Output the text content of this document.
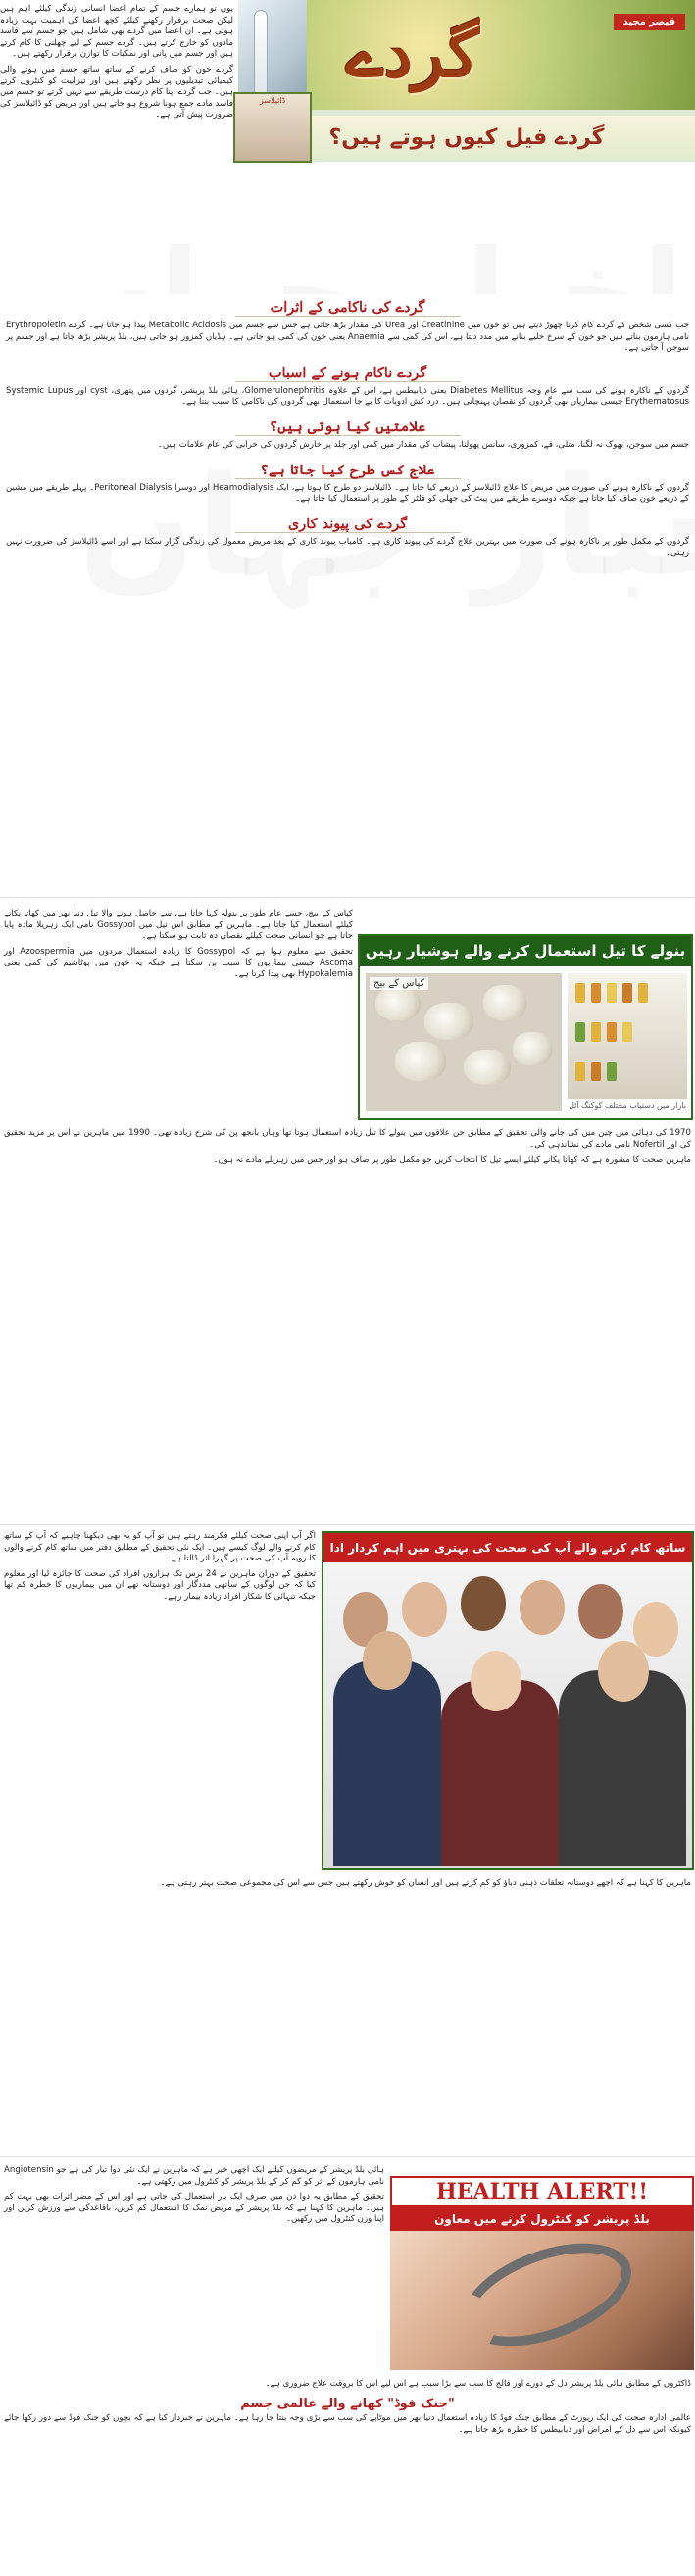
یوں تو ہمارے جسم کے تمام اعضا انسانی زندگی کیلئے اہم ہیں لیکن صحت برقرار رکھنے کیلئے کچھ اعضا کی اہمیت بہت زیادہ ہوتی ہے۔ ان اعضا میں گردے بھی شامل ہیں جو جسم سے فاسد مادوں کو خارج کرتے ہیں۔ گردے جسم کے لیے چھلنی کا کام کرتے ہیں اور جسم میں پانی اور نمکیات کا توازن برقرار رکھتے ہیں۔

گردے خون کو صاف کرنے کے ساتھ ساتھ جسم میں ہونے والی کیمیائی تبدیلیوں پر نظر رکھتے ہیں اور تیزابیت کو کنٹرول کرتے ہیں۔ جب گردے اپنا کام درست طریقے سے نہیں کرتے تو جسم میں فاسد مادے جمع ہونا شروع ہو جاتے ہیں اور مریض کو ڈائیلاسز کی ضرورت پیش آتی ہے۔

گردے	قیصر مجید
گردے فیل کیوں ہوتے ہیں؟
ڈائیلاسز
گردے کی ناکامی کے اثرات

جب کسی شخص کے گردے کام کرنا چھوڑ دیتے ہیں تو خون میں Creatinine اور Urea کی مقدار بڑھ جاتی ہے جس سے جسم میں Metabolic Acidosis پیدا ہو جاتا ہے۔ گردے Erythropoietin نامی ہارمون بناتے ہیں جو خون کے سرخ خلیے بنانے میں مدد دیتا ہے، اس کی کمی سے Anaemia یعنی خون کی کمی ہو جاتی ہے۔ ہڈیاں کمزور ہو جاتی ہیں، بلڈ پریشر بڑھ جاتا ہے اور جسم پر سوجن آ جاتی ہے۔

گردے ناکام ہونے کے اسباب

گردوں کے ناکارہ ہونے کی سب سے عام وجہ Diabetes Mellitus یعنی ذیابیطس ہے، اس کے علاوہ Glomerulonephritis، ہائی بلڈ پریشر، گردوں میں پتھری، cyst اور Systemic Lupus Erythematosus جیسی بیماریاں بھی گردوں کو نقصان پہنچاتی ہیں۔ درد کش ادویات کا بے جا استعمال بھی گردوں کی ناکامی کا سبب بنتا ہے۔

علامتیں کیا ہوتی ہیں؟

جسم میں سوجن، بھوک نہ لگنا، متلی، قے، کمزوری، سانس پھولنا، پیشاب کی مقدار میں کمی اور جلد پر خارش گردوں کی خرابی کی عام علامات ہیں۔

علاج کس طرح کیا جاتا ہے؟

گردوں کے ناکارہ ہونے کی صورت میں مریض کا علاج ڈائیلاسز کے ذریعے کیا جاتا ہے۔ ڈائیلاسز دو طرح کا ہوتا ہے، ایک Heamodialysis اور دوسرا Peritoneal Dialysis۔ پہلے طریقے میں مشین کے ذریعے خون صاف کیا جاتا ہے جبکہ دوسرے طریقے میں پیٹ کی جھلی کو فلٹر کے طور پر استعمال کیا جاتا ہے۔

گردے کی پیوند کاری

گردوں کے مکمل طور پر ناکارہ ہونے کی صورت میں بہترین علاج گردے کی پیوند کاری ہے۔ کامیاب پیوند کاری کے بعد مریض معمول کی زندگی گزار سکتا ہے اور اسے ڈائیلاسز کی ضرورت نہیں رہتی۔

بنولے کا تیل استعمال کرنے والے ہوشیار رہیں
کپاس کے بیج
بازار میں دستیاب مختلف کوکنگ آئل

کپاس کے بیج، جسے عام طور پر بنولہ کہا جاتا ہے، سے حاصل ہونے والا تیل دنیا بھر میں کھانا پکانے کیلئے استعمال کیا جاتا ہے۔ ماہرین کے مطابق اس تیل میں Gossypol نامی ایک زہریلا مادہ پایا جاتا ہے جو انسانی صحت کیلئے نقصان دہ ثابت ہو سکتا ہے۔

تحقیق سے معلوم ہوا ہے کہ Gossypol کا زیادہ استعمال مردوں میں Azoospermia اور Ascoma جیسی بیماریوں کا سبب بن سکتا ہے جبکہ یہ خون میں پوٹاشیم کی کمی یعنی Hypokalemia بھی پیدا کرتا ہے۔

1970 کی دہائی میں چین میں کی جانے والی تحقیق کے مطابق جن علاقوں میں بنولے کا تیل زیادہ استعمال ہوتا تھا وہاں بانجھ پن کی شرح زیادہ تھی۔ 1990 میں ماہرین نے اس پر مزید تحقیق کی اور Nofertil نامی مادے کی نشاندہی کی۔

ماہرین صحت کا مشورہ ہے کہ کھانا پکانے کیلئے ایسے تیل کا انتخاب کریں جو مکمل طور پر صاف ہو اور جس میں زہریلے مادے نہ ہوں۔

ساتھ کام کرنے والے آپ کی صحت کی بہتری میں اہم کردار ادا

اگر آپ اپنی صحت کیلئے فکرمند رہتے ہیں تو آپ کو یہ بھی دیکھنا چاہیے کہ آپ کے ساتھ کام کرنے والے لوگ کیسے ہیں۔ ایک نئی تحقیق کے مطابق دفتر میں ساتھ کام کرنے والوں کا رویہ آپ کی صحت پر گہرا اثر ڈالتا ہے۔

تحقیق کے دوران ماہرین نے 24 برس تک ہزاروں افراد کی صحت کا جائزہ لیا اور معلوم کیا کہ جن لوگوں کے ساتھی مددگار اور دوستانہ تھے ان میں بیماریوں کا خطرہ کم تھا جبکہ تنہائی کا شکار افراد زیادہ بیمار رہے۔

ماہرین کا کہنا ہے کہ اچھے دوستانہ تعلقات ذہنی دباؤ کو کم کرتے ہیں اور انسان کو خوش رکھتے ہیں جس سے اس کی مجموعی صحت بہتر رہتی ہے۔

HEALTH ALERT!!
بلڈ پریشر کو کنٹرول کرنے میں معاون

ہائی بلڈ پریشر کے مریضوں کیلئے ایک اچھی خبر ہے کہ ماہرین نے ایک نئی دوا تیار کی ہے جو Angiotensin نامی ہارمون کے اثر کو کم کر کے بلڈ پریشر کو کنٹرول میں رکھتی ہے۔

تحقیق کے مطابق یہ دوا دن میں صرف ایک بار استعمال کی جاتی ہے اور اس کے مضر اثرات بھی بہت کم ہیں۔ ماہرین کا کہنا ہے کہ بلڈ پریشر کے مریض نمک کا استعمال کم کریں، باقاعدگی سے ورزش کریں اور اپنا وزن کنٹرول میں رکھیں۔

ڈاکٹروں کے مطابق ہائی بلڈ پریشر دل کے دورے اور فالج کا سب سے بڑا سبب ہے اس لیے اس کا بروقت علاج ضروری ہے۔

"جنک فوڈ" کھانے والے عالمی جسم

عالمی ادارہ صحت کی ایک رپورٹ کے مطابق جنک فوڈ کا زیادہ استعمال دنیا بھر میں موٹاپے کی سب سے بڑی وجہ بنتا جا رہا ہے۔ ماہرین نے خبردار کیا ہے کہ بچوں کو جنک فوڈ سے دور رکھا جائے کیونکہ اس سے دل کے امراض اور ذیابیطس کا خطرہ بڑھ جاتا ہے۔
